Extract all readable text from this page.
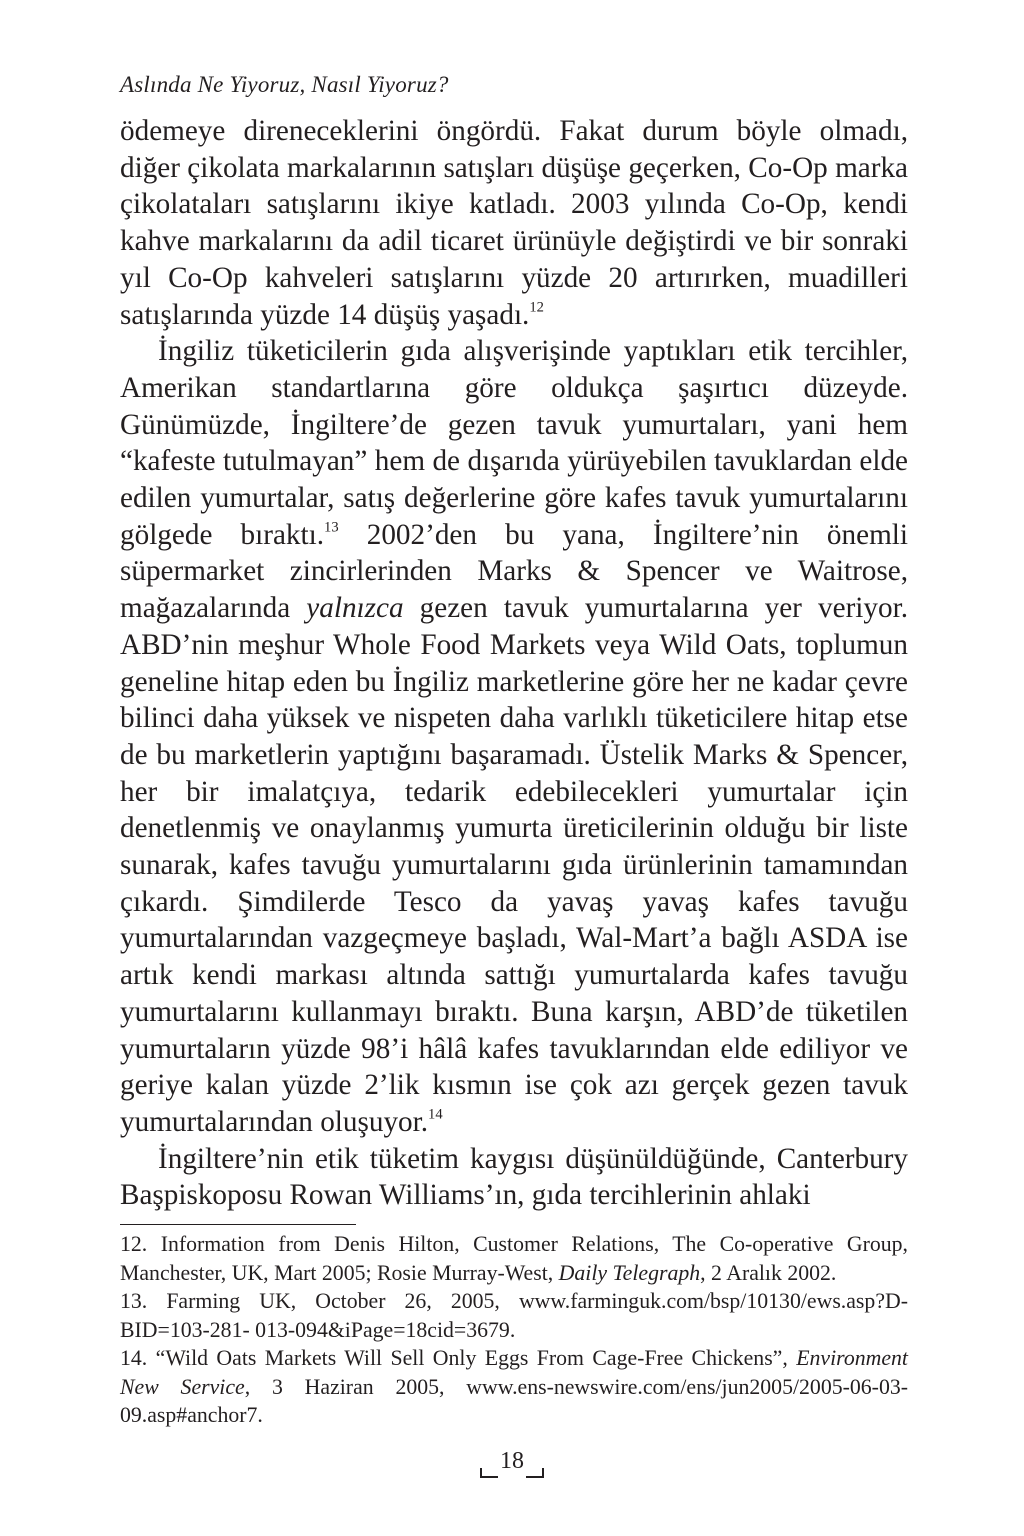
Aslında Ne Yiyoruz, Nasıl Yiyoruz?

ödemeye direneceklerini öngördü. Fakat durum böyle olmadı, diğer çikolata markalarının satışları düşüşe geçerken, Co-Op marka çikolataları satışlarını ikiye katladı. 2003 yılında Co-Op, kendi kahve markalarını da adil ticaret ürünüyle değiştirdi ve bir sonraki yıl Co-Op kahveleri satışlarını yüzde 20 artırırken, muadilleri satışlarında yüzde 14 düşüş yaşadı.$^{12}$

İngiliz tüketicilerin gıda alışverişinde yaptıkları etik tercihler, Amerikan standartlarına göre oldukça şaşırtıcı düzeyde. Günümüzde, İngiltere’de gezen tavuk yumurtaları, yani hem “kafeste tutulmayan” hem de dışarıda yürüyebilen tavuklardan elde edilen yumurtalar, satış değerlerine göre kafes tavuk yumurtalarını gölgede bıraktı.$^{13}$ 2002’den bu yana, İngiltere’nin önemli süpermarket zincirlerinden Marks & Spencer ve Waitrose, mağazalarında yalnızca gezen tavuk yumurtalarına yer veriyor. ABD’nin meşhur Whole Food Markets veya Wild Oats, toplumun geneline hitap eden bu İngiliz marketlerine göre her ne kadar çevre bilinci daha yüksek ve nispeten daha varlıklı tüketicilere hitap etse de bu marketlerin yaptığını başaramadı. Üstelik Marks & Spencer, her bir imalatçıya, tedarik edebilecekleri yumurtalar için denetlenmiş ve onaylanmış yumurta üreticilerinin olduğu bir liste sunarak, kafes tavuğu yumurtalarını gıda ürünlerinin tamamından çıkardı. Şimdilerde Tesco da yavaş yavaş kafes tavuğu yumurtalarından vazgeçmeye başladı, Wal-Mart’a bağlı ASDA ise artık kendi markası altında sattığı yumurtalarda kafes tavuğu yumurtalarını kullanmayı bıraktı. Buna karşın, ABD’de tüketilen yumurtaların yüzde 98’i hâlâ kafes tavuklarından elde ediliyor ve geriye kalan yüzde 2’lik kısmın ise çok azı gerçek gezen tavuk yumurtalarından oluşuyor.$^{14}$

İngiltere’nin etik tüketim kaygısı düşünüldüğünde, Canterbury Başpiskoposu Rowan Williams’ın, gıda tercihlerinin ahlaki

12. Information from Denis Hilton, Customer Relations, The Co-operative Group, Manchester, UK, Mart 2005; Rosie Murray-West, Daily Telegraph, 2 Aralık 2002.

13. Farming UK, October 26, 2005, www.farminguk.com/bsp/10130/ews.asp?D-BID=103-281- 013-094&iPage=18cid=3679.

14. “Wild Oats Markets Will Sell Only Eggs From Cage-Free Chickens”, Environment New Service, 3 Haziran 2005, www.ens-newswire.com/ens/jun2005/2005-06-03-09.asp#anchor7.

18
